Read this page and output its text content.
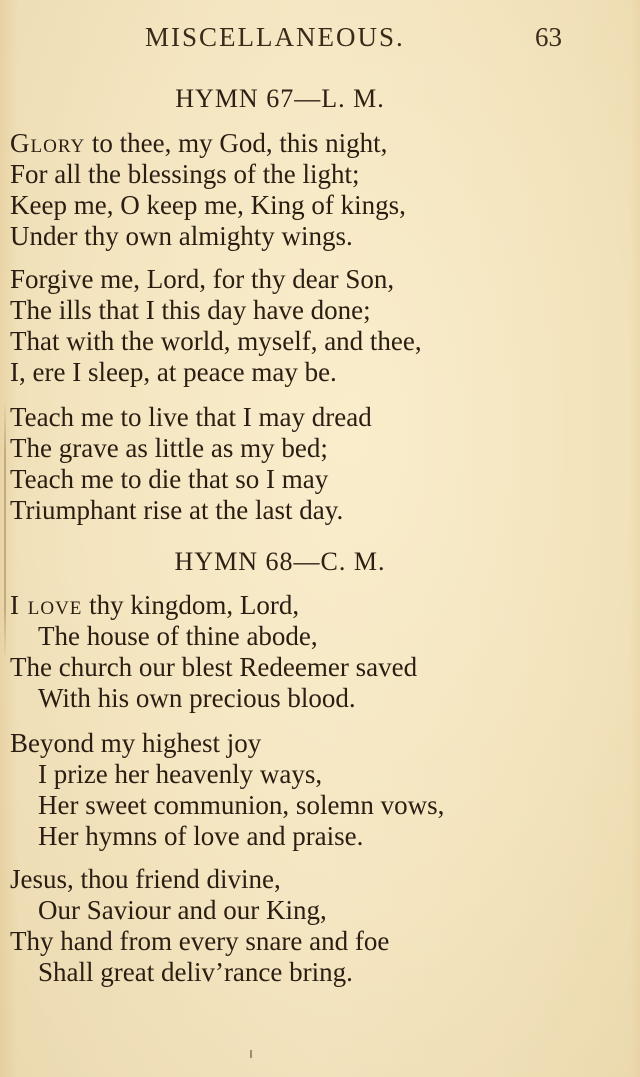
MISCELLANEOUS.	63
HYMN 67—L. M.
Glory to thee, my God, this night,
For all the blessings of the light;
Keep me, O keep me, King of kings,
Under thy own almighty wings.
Forgive me, Lord, for thy dear Son,
The ills that I this day have done;
That with the world, myself, and thee,
I, ere I sleep, at peace may be.
Teach me to live that I may dread
The grave as little as my bed;
Teach me to die that so I may
Triumphant rise at the last day.
HYMN 68—C. M.
I love thy kingdom, Lord,
The house of thine abode,
The church our blest Redeemer saved
With his own precious blood.
Beyond my highest joy
I prize her heavenly ways,
Her sweet communion, solemn vows,
Her hymns of love and praise.
Jesus, thou friend divine,
Our Saviour and our King,
Thy hand from every snare and foe
Shall great deliv’rance bring.
